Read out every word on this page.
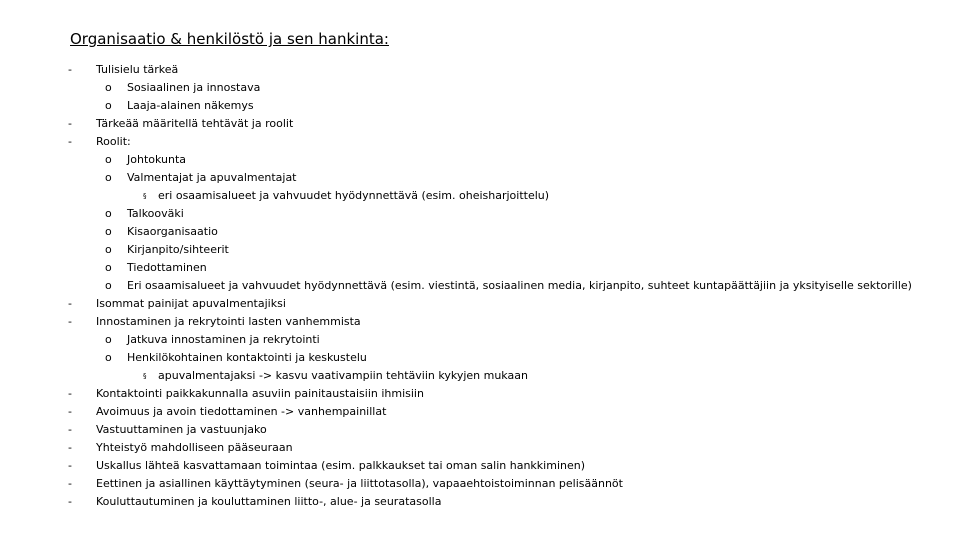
Organisaatio & henkilöstö ja sen hankinta:
- Tulisielu tärkeä
o Sosiaalinen ja innostava
o Laaja-alainen näkemys
- Tärkeää määritellä tehtävät ja roolit
- Roolit:
o Johtokunta
o Valmentajat ja apuvalmentajat
§ eri osaamisalueet ja vahvuudet hyödynnettävä (esim. oheisharjoittelu)
o Talkooväki
o Kisaorganisaatio
o Kirjanpito/sihteerit
o Tiedottaminen
o Eri osaamisalueet ja vahvuudet hyödynnettävä (esim. viestintä, sosiaalinen media, kirjanpito, suhteet kuntapäättäjiin ja yksityiselle sektorille)
- Isommat painijat apuvalmentajiksi
- Innostaminen ja rekrytointi lasten vanhemmista
o Jatkuva innostaminen ja rekrytointi
o Henkilökohtainen kontaktointi ja keskustelu
§ apuvalmentajaksi -> kasvu vaativampiin tehtäviin kykyjen mukaan
- Kontaktointi paikkakunnalla asuviin painitaustaisiin ihmisiin
- Avoimuus ja avoin tiedottaminen -> vanhempainillat
- Vastuuttaminen ja vastuunjako
- Yhteistyö mahdolliseen pääseuraan
- Uskallus lähteä kasvattamaan toimintaa (esim. palkkaukset tai oman salin hankkiminen)
- Eettinen ja asiallinen käyttäytyminen (seura- ja liittotasolla), vapaaehtoistoiminnan pelisäännöt
- Kouluttautuminen ja kouluttaminen liitto-, alue- ja seuratasolla
